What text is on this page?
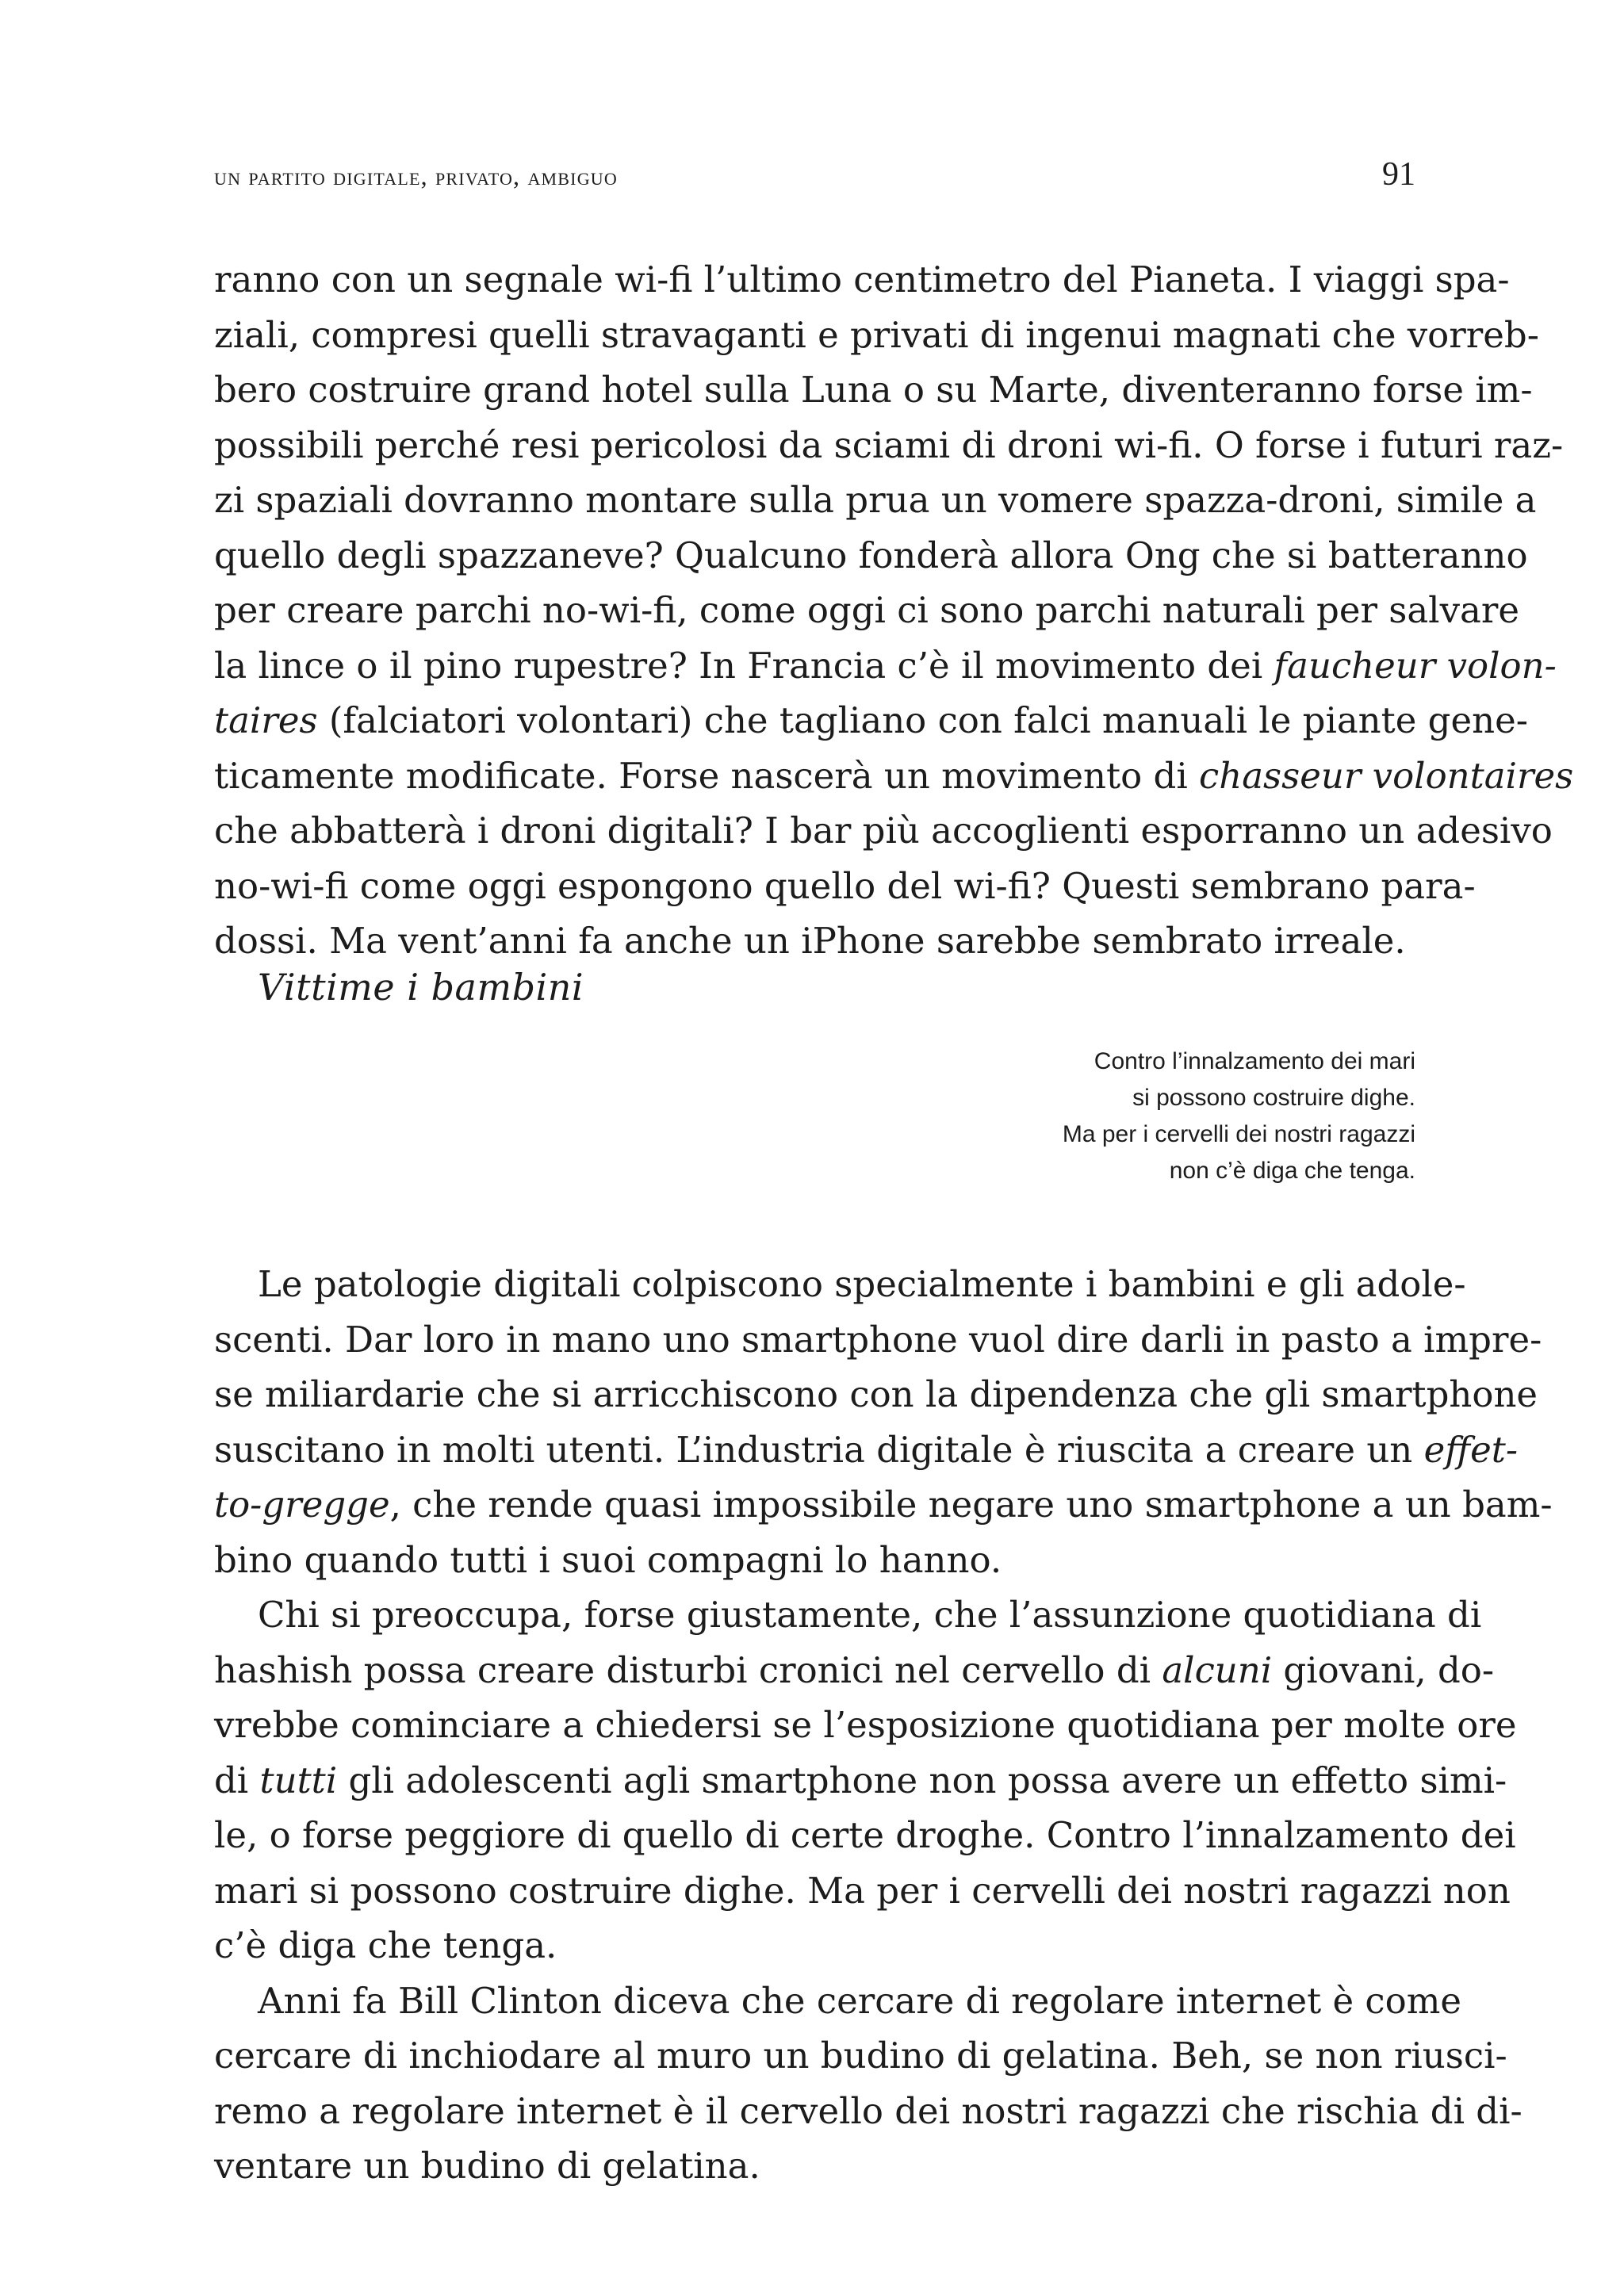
un partito digitale, privato, ambiguo	91
ranno con un segnale wi-fi l’ultimo centimetro del Pianeta. I viaggi spa-
ziali, compresi quelli stravaganti e privati di ingenui magnati che vorreb-
bero costruire grand hotel sulla Luna o su Marte, diventeranno forse im-
possibili perché resi pericolosi da sciami di droni wi-fi. O forse i futuri raz-
zi spaziali dovranno montare sulla prua un vomere spazza-droni, simile a
quello degli spazzaneve? Qualcuno fonderà allora Ong che si batteranno
per creare parchi no-wi-fi, come oggi ci sono parchi naturali per salvare
la lince o il pino rupestre? In Francia c’è il movimento dei faucheur volon-
taires (falciatori volontari) che tagliano con falci manuali le piante gene-
ticamente modificate. Forse nascerà un movimento di chasseur volontaires
che abbatterà i droni digitali? I bar più accoglienti esporranno un adesivo
no-wi-fi come oggi espongono quello del wi-fi? Questi sembrano para-
dossi. Ma vent’anni fa anche un iPhone sarebbe sembrato irreale.
Vittime i bambini
Contro l’innalzamento dei mari
si possono costruire dighe.
Ma per i cervelli dei nostri ragazzi
non c’è diga che tenga.
Le patologie digitali colpiscono specialmente i bambini e gli adole-
scenti. Dar loro in mano uno smartphone vuol dire darli in pasto a impre-
se miliardarie che si arricchiscono con la dipendenza che gli smartphone
suscitano in molti utenti. L’industria digitale è riuscita a creare un effet-
to-gregge, che rende quasi impossibile negare uno smartphone a un bam-
bino quando tutti i suoi compagni lo hanno.
Chi si preoccupa, forse giustamente, che l’assunzione quotidiana di
hashish possa creare disturbi cronici nel cervello di alcuni giovani, do-
vrebbe cominciare a chiedersi se l’esposizione quotidiana per molte ore
di tutti gli adolescenti agli smartphone non possa avere un effetto simi-
le, o forse peggiore di quello di certe droghe. Contro l’innalzamento dei
mari si possono costruire dighe. Ma per i cervelli dei nostri ragazzi non
c’è diga che tenga.
Anni fa Bill Clinton diceva che cercare di regolare internet è come
cercare di inchiodare al muro un budino di gelatina. Beh, se non riusci-
remo a regolare internet è il cervello dei nostri ragazzi che rischia di di-
ventare un budino di gelatina.
